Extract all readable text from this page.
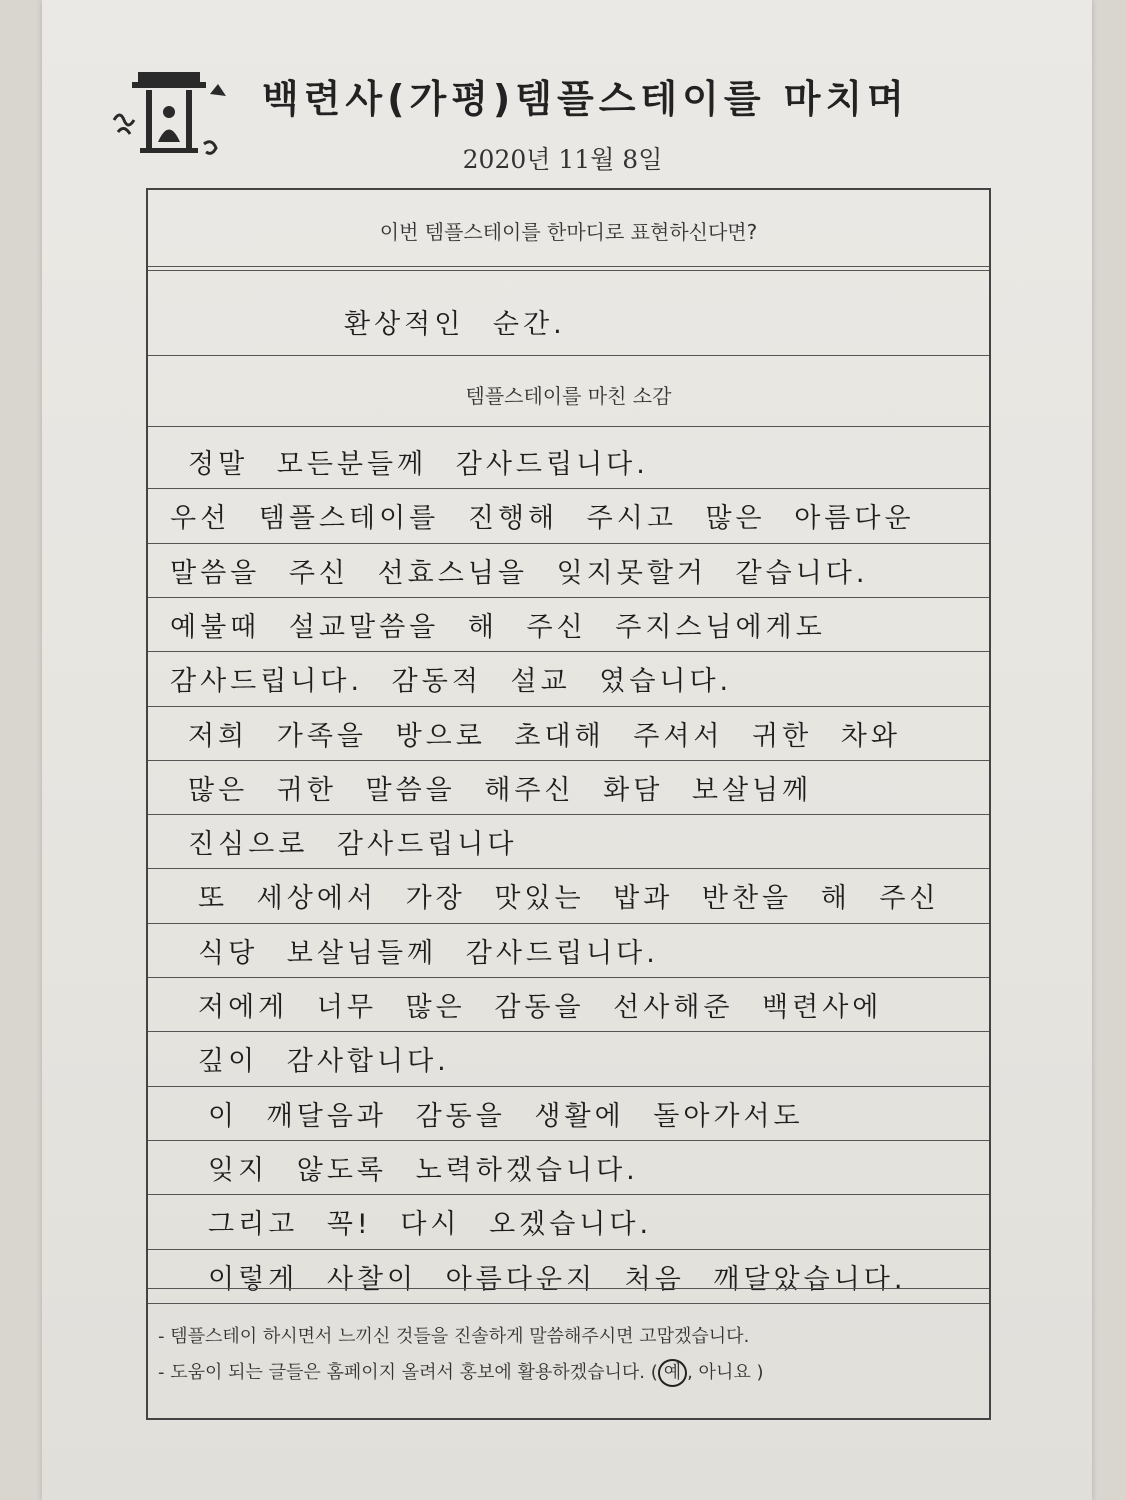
백련사(가평)템플스테이를 마치며
2020년 11월 8일
이번 템플스테이를 한마디로 표현하신다면?
환상적인 순간.
템플스테이를 마친 소감
정말 모든분들께 감사드립니다.
우선 템플스테이를 진행해 주시고 많은 아름다운
말씀을 주신 선효스님을 잊지못할거 같습니다.
예불때 설교말씀을 해 주신 주지스님에게도
감사드립니다. 감동적 설교 였습니다.
저희 가족을 방으로 초대해 주셔서 귀한 차와
많은 귀한 말씀을 해주신 화담 보살님께
진심으로 감사드립니다
또 세상에서 가장 맛있는 밥과 반찬을 해 주신
식당 보살님들께 감사드립니다.
저에게 너무 많은 감동을 선사해준 백련사에
깊이 감사합니다.
이 깨달음과 감동을 생활에 돌아가서도
잊지 않도록 노력하겠습니다.
그리고 꼭! 다시 오겠습니다.
이렇게 사찰이 아름다운지 처음 깨달았습니다.
- 템플스테이 하시면서 느끼신 것들을 진솔하게 말씀해주시면 고맙겠습니다.
- 도움이 되는 글들은 홈페이지 올려서 홍보에 활용하겠습니다. ( 예 , 아니요 )
